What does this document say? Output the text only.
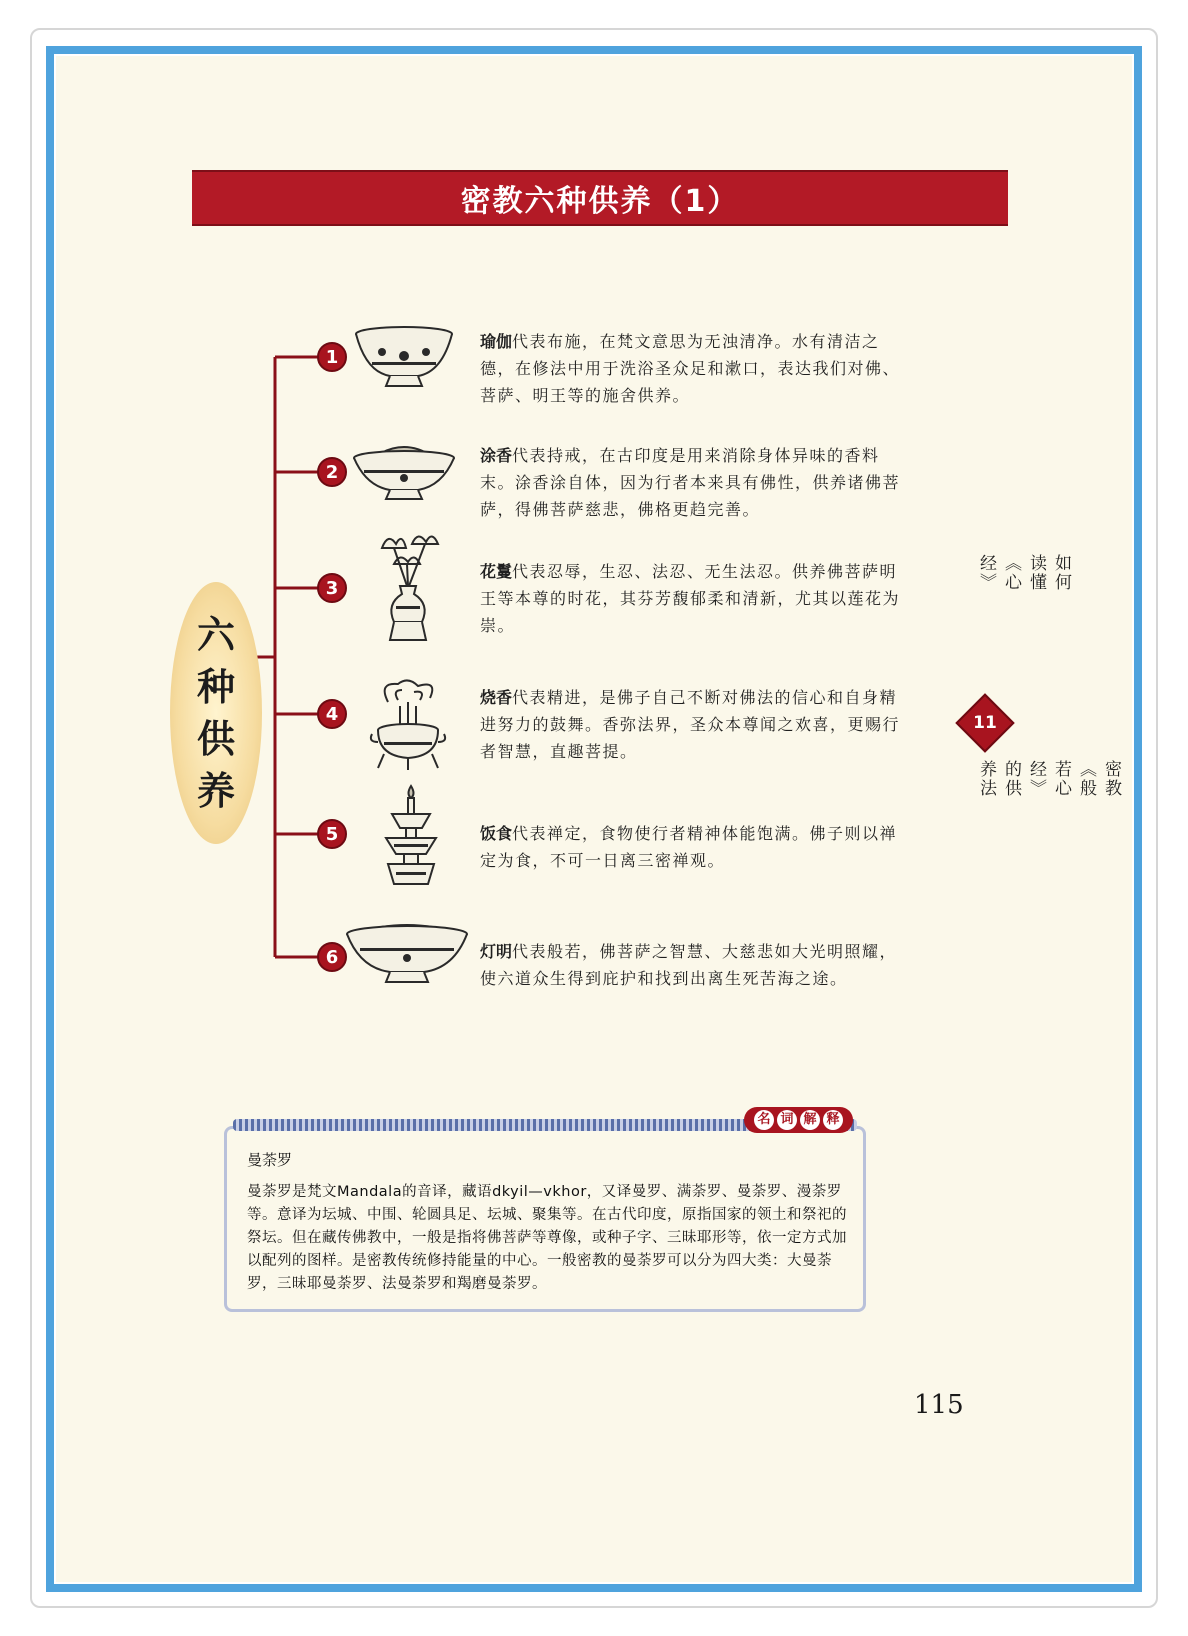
密教六种供养（1）
六
种
供
养
1
2
3
4
5
6
瑜伽代表布施，在梵文意思为无浊清净。水有清洁之德，在修法中用于洗浴圣众足和漱口，表达我们对佛、菩萨、明王等的施舍供养。
涂香代表持戒，在古印度是用来消除身体异味的香料末。涂香涂自体，因为行者本来具有佛性，供养诸佛菩萨，得佛菩萨慈悲，佛格更趋完善。
花鬘代表忍辱，生忍、法忍、无生法忍。供养佛菩萨明王等本尊的时花，其芬芳馥郁柔和清新，尤其以莲花为崇。
烧香代表精进，是佛子自己不断对佛法的信心和自身精进努力的鼓舞。香弥法界，圣众本尊闻之欢喜，更赐行者智慧，直趣菩提。
饭食代表禅定，食物使行者精神体能饱满。佛子则以禅定为食，不可一日离三密禅观。
灯明代表般若，佛菩萨之智慧、大慈悲如大光明照耀，使六道众生得到庇护和找到出离生死苦海之途。
如何读懂《心经》
11
密教《般若心经》的供养法
名 词 解 释
曼荼罗
曼荼罗是梵文Mandala的音译，藏语dkyil—vkhor，又译曼罗、满荼罗、曼荼罗、漫荼罗等。意译为坛城、中围、轮圆具足、坛城、聚集等。在古代印度，原指国家的领土和祭祀的祭坛。但在藏传佛教中，一般是指将佛菩萨等尊像，或种子字、三昧耶形等，依一定方式加以配列的图样。是密教传统修持能量的中心。一般密教的曼荼罗可以分为四大类：大曼荼罗，三昧耶曼荼罗、法曼荼罗和羯磨曼荼罗。
115
